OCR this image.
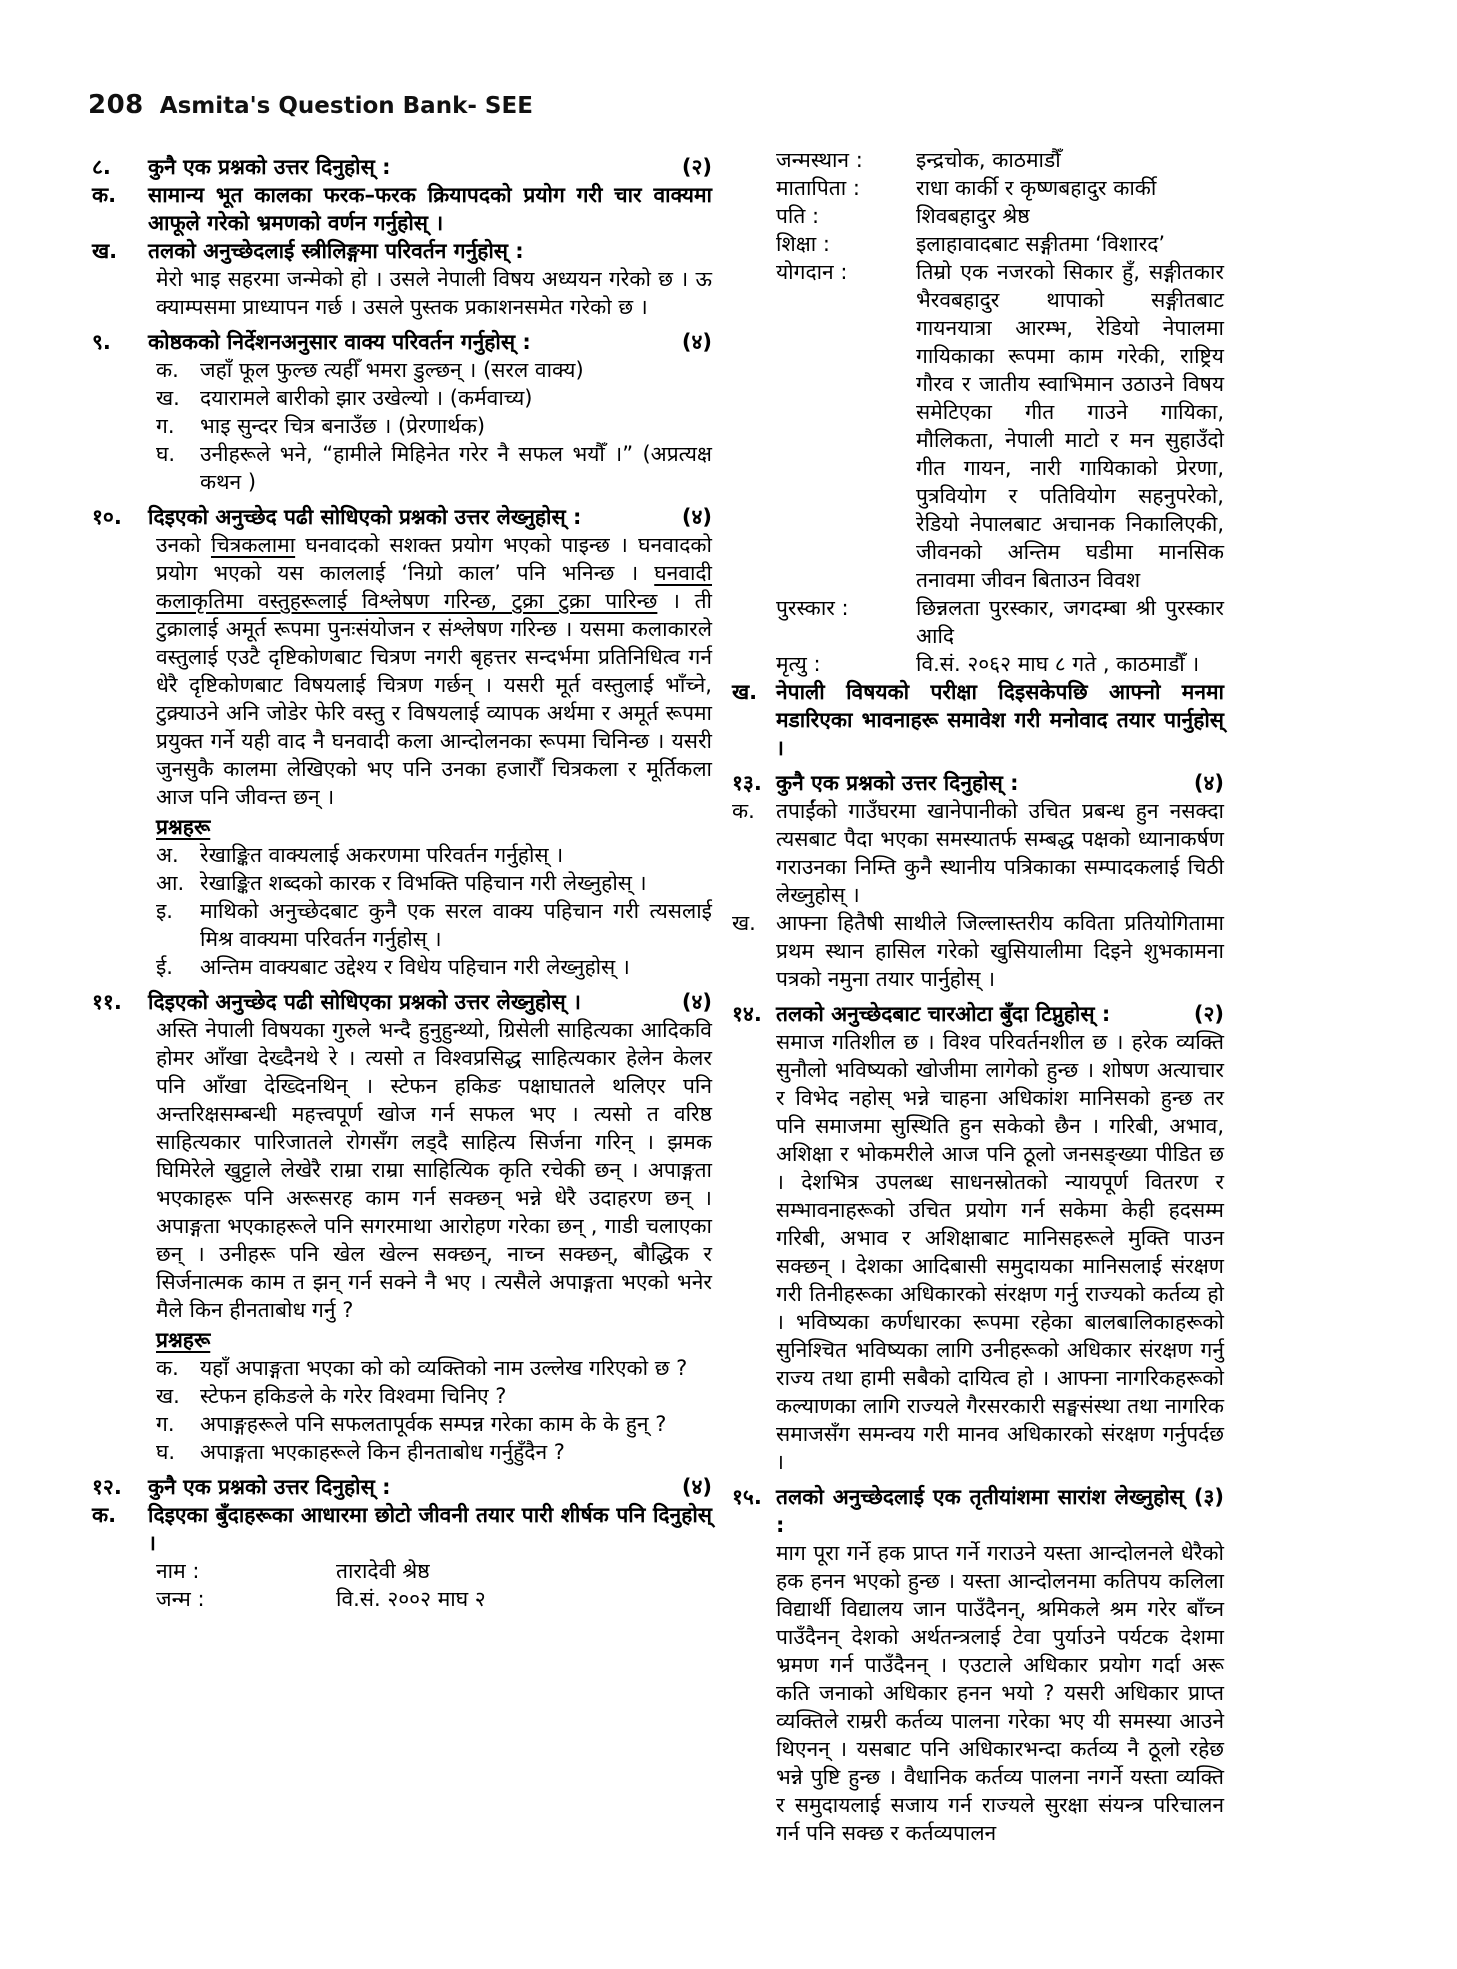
208 Asmita's Question Bank- SEE
८.	कुनै एक प्रश्नको उत्तर दिनुहोस् :	(२)
क.	सामान्य भूत कालका फरक–फरक क्रियापदको प्रयोग गरी चार वाक्यमा आफूले गरेको भ्रमणको वर्णन गर्नुहोस् ।
ख.	तलको अनुच्छेदलाई स्त्रीलिङ्गमा परिवर्तन गर्नुहोस् :
मेरो भाइ सहरमा जन्मेको हो । उसले नेपाली विषय अध्ययन गरेको छ । ऊ क्याम्पसमा प्राध्यापन गर्छ । उसले पुस्तक प्रकाशनसमेत गरेको छ ।
९.	कोष्ठकको निर्देशनअनुसार वाक्य परिवर्तन गर्नुहोस् :	(४)
क.	जहाँ फूल फुल्छ त्यहीँ भमरा डुल्छन् । (सरल वाक्य)
ख. दयारामले बारीको झार उखेल्यो । (कर्मवाच्य)
ग.	भाइ सुन्दर चित्र बनाउँछ । (प्रेरणार्थक)
घ.	उनीहरूले भने, “हामीले मिहिनेत गरेर नै सफल भयौँ ।” (अप्रत्यक्ष कथन )
१०.	दिइएको अनुच्छेद पढी सोधिएको प्रश्नको उत्तर लेख्नुहोस् :	(४)
उनको चित्रकलामा घनवादको सशक्त प्रयोग भएको पाइन्छ । घनवादको प्रयोग भएको यस काललाई ‘निग्रो काल’ पनि भनिन्छ । घनवादी कलाकृतिमा वस्तुहरूलाई विश्लेषण गरिन्छ, टुक्रा टुक्रा पारिन्छ । ती टुक्रालाई अमूर्त रूपमा पुनःसंयोजन र संश्लेषण गरिन्छ । यसमा कलाकारले वस्तुलाई एउटै दृष्टिकोणबाट चित्रण नगरी बृहत्तर सन्दर्भमा प्रतिनिधित्व गर्न धेरै दृष्टिकोणबाट विषयलाई चित्रण गर्छन् । यसरी मूर्त वस्तुलाई भाँच्ने, टुक्र्याउने अनि जोडेर फेरि वस्तु र विषयलाई व्यापक अर्थमा र अमूर्त रूपमा प्रयुक्त गर्ने यही वाद नै घनवादी कला आन्दोलनका रूपमा चिनिन्छ । यसरी जुनसुकै कालमा लेखिएको भए पनि उनका हजारौँ चित्रकला र मूर्तिकला आज पनि जीवन्त छन् ।
प्रश्नहरू
अ.	रेखाङ्कित वाक्यलाई अकरणमा परिवर्तन गर्नुहोस् ।
आ. रेखाङ्कित शब्दको कारक र विभक्ति पहिचान गरी लेख्नुहोस् ।
इ.	माथिको अनुच्छेदबाट कुनै एक सरल वाक्य पहिचान गरी त्यसलाई मिश्र वाक्यमा परिवर्तन गर्नुहोस् ।
ई.	अन्तिम वाक्यबाट उद्देश्य र विधेय पहिचान गरी लेख्नुहोस् ।
११.	दिइएको अनुच्छेद पढी सोधिएका प्रश्नको उत्तर लेख्नुहोस् ।	(४)
अस्ति नेपाली विषयका गुरुले भन्दै हुनुहुन्थ्यो, ग्रिसेली साहित्यका आदिकवि होमर आँखा देख्दैनथे रे । त्यसो त विश्वप्रसिद्ध साहित्यकार हेलेन केलर पनि आँखा देख्दिनथिन् । स्टेफन हकिङ पक्षाघातले थलिएर पनि अन्तरिक्षसम्बन्धी महत्त्वपूर्ण खोज गर्न सफल भए । त्यसो त वरिष्ठ साहित्यकार पारिजातले रोगसँग लड्दै साहित्य सिर्जना गरिन् । झमक घिमिरेले खुट्टाले लेखेरै राम्रा राम्रा साहित्यिक कृति रचेकी छन् । अपाङ्गता भएकाहरू पनि अरूसरह काम गर्न सक्छन् भन्ने धेरै उदाहरण छन् । अपाङ्गता भएकाहरूले पनि सगरमाथा आरोहण गरेका छन् , गाडी चलाएका छन् । उनीहरू पनि खेल खेल्न सक्छन्, नाच्न सक्छन्, बौद्धिक र सिर्जनात्मक काम त झन् गर्न सक्ने नै भए । त्यसैले अपाङ्गता भएको भनेर मैले किन हीनताबोध गर्नु ?
प्रश्नहरू
क.	यहाँ अपाङ्गता भएका को को व्यक्तिको नाम उल्लेख गरिएको छ ?
ख. स्टेफन हकिङले के गरेर विश्वमा चिनिए ?
ग.	अपाङ्गहरूले पनि सफलतापूर्वक सम्पन्न गरेका काम के के हुन् ?
घ.	अपाङ्गता भएकाहरूले किन हीनताबोध गर्नुहुँदैन ?
१२.	कुनै एक प्रश्नको उत्तर दिनुहोस् :	(४)
क.	दिइएका बुँदाहरूका आधारमा छोटो जीवनी तयार पारी शीर्षक पनि दिनुहोस् ।
नाम :	तारादेवी श्रेष्ठ
जन्म :	वि.सं. २००२ माघ २
जन्मस्थान :	इन्द्रचोक, काठमाडौँ
मातापिता :	राधा कार्की र कृष्णबहादुर कार्की
पति :	शिवबहादुर श्रेष्ठ
शिक्षा :	इलाहावादबाट सङ्गीतमा ‘विशारद’
योगदान :	तिम्रो एक नजरको सिकार हुँ, सङ्गीतकार भैरवबहादुर थापाको सङ्गीतबाट गायनयात्रा आरम्भ, रेडियो नेपालमा गायिकाका रूपमा काम गरेकी, राष्ट्रिय गौरव र जातीय स्वाभिमान उठाउने विषय समेटिएका गीत गाउने गायिका, मौलिकता, नेपाली माटो र मन सुहाउँदो गीत गायन, नारी गायिकाको प्रेरणा, पुत्रवियोग र पतिवियोग सहनुपरेको, रेडियो नेपालबाट अचानक निकालिएकी, जीवनको अन्तिम घडीमा मानसिक तनावमा जीवन बिताउन विवश
पुरस्कार :	छिन्नलता पुरस्कार, जगदम्बा श्री पुरस्कार आदि
मृत्यु :	वि.सं. २०६२ माघ ८ गते , काठमाडौँ ।
ख. नेपाली विषयको परीक्षा दिइसकेपछि आफ्नो मनमा मडारिएका भावनाहरू समावेश गरी मनोवाद तयार पार्नुहोस् ।
१३. कुनै एक प्रश्नको उत्तर दिनुहोस् :	(४)
क.	तपाईंको गाउँघरमा खानेपानीको उचित प्रबन्ध हुन नसक्दा त्यसबाट पैदा भएका समस्यातर्फ सम्बद्ध पक्षको ध्यानाकर्षण गराउनका निम्ति कुनै स्थानीय पत्रिकाका सम्पादकलाई चिठी लेख्नुहोस् ।
ख. आफ्ना हितैषी साथीले जिल्लास्तरीय कविता प्रतियोगितामा प्रथम स्थान हासिल गरेको खुसियालीमा दिइने शुभकामना पत्रको नमुना तयार पार्नुहोस् ।
१४. तलको अनुच्छेदबाट चारओटा बुँदा टिप्नुहोस् :	(२)
समाज गतिशील छ । विश्व परिवर्तनशील छ । हरेक व्यक्ति सुनौलो भविष्यको खोजीमा लागेको हुन्छ । शोषण अत्याचार र विभेद नहोस् भन्ने चाहना अधिकांश मानिसको हुन्छ तर पनि समाजमा सुस्थिति हुन सकेको छैन । गरिबी, अभाव, अशिक्षा र भोकमरीले आज पनि ठूलो जनसङ्ख्या पीडित छ । देशभित्र उपलब्ध साधनस्रोतको न्यायपूर्ण वितरण र सम्भावनाहरूको उचित प्रयोग गर्न सकेमा केही हदसम्म गरिबी, अभाव र अशिक्षाबाट मानिसहरूले मुक्ति पाउन सक्छन् । देशका आदिबासी समुदायका मानिसलाई संरक्षण गरी तिनीहरूका अधिकारको संरक्षण गर्नु राज्यको कर्तव्य हो । भविष्यका कर्णधारका रूपमा रहेका बालबालिकाहरूको सुनिश्चित भविष्यका लागि उनीहरूको अधिकार संरक्षण गर्नु राज्य तथा हामी सबैको दायित्व हो । आफ्ना नागरिकहरूको कल्याणका लागि राज्यले गैरसरकारी सङ्घसंस्था तथा नागरिक समाजसँग समन्वय गरी मानव अधिकारको संरक्षण गर्नुपर्दछ ।
१५. तलको अनुच्छेदलाई एक तृतीयांशमा सारांश लेख्नुहोस् :
(३)
माग पूरा गर्ने हक प्राप्त गर्ने गराउने यस्ता आन्दोलनले धेरैको हक हनन भएको हुन्छ । यस्ता आन्दोलनमा कतिपय कलिला विद्यार्थी विद्यालय जान पाउँदैनन्, श्रमिकले श्रम गरेर बाँच्न पाउँदैनन् देशको अर्थतन्त्रलाई टेवा पुर्याउने पर्यटक देशमा भ्रमण गर्न पाउँदैनन् । एउटाले अधिकार प्रयोग गर्दा अरू कति जनाको अधिकार हनन भयो ? यसरी अधिकार प्राप्त व्यक्तिले राम्ररी कर्तव्य पालना गरेका भए यी समस्या आउने थिएनन् । यसबाट पनि अधिकारभन्दा कर्तव्य नै ठूलो रहेछ भन्ने पुष्टि हुन्छ । वैधानिक कर्तव्य पालना नगर्ने यस्ता व्यक्ति र समुदायलाई सजाय गर्न राज्यले सुरक्षा संयन्त्र परिचालन गर्न पनि सक्छ र कर्तव्यपालन
